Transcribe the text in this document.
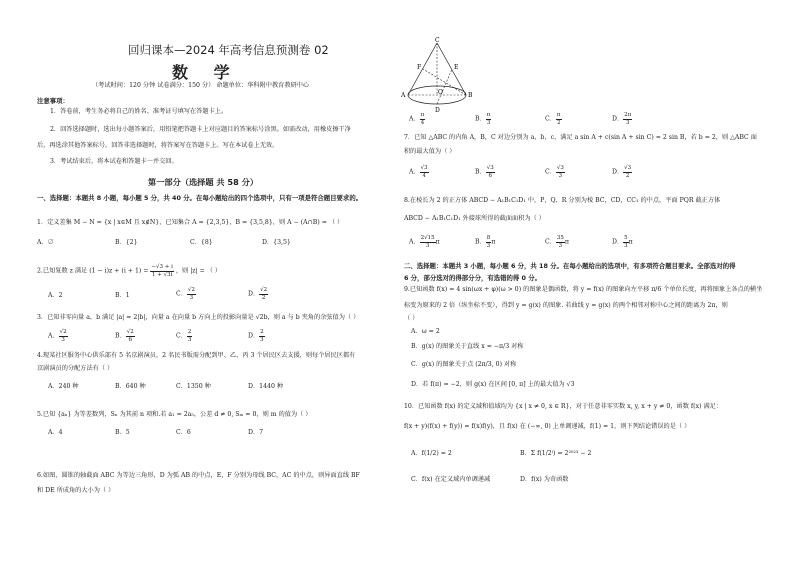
回归课本—2024 年高考信息预测卷 02
数 学
（考试时间：120 分钟 试卷满分：150 分） 命题单位：华科附中教育教研中心
注意事项：
1．答卷前，考生务必将自己的姓名、准考证号填写在答题卡上。
2．回答选择题时，选出每小题答案后，用铅笔把答题卡上对应题目的答案标号涂黑。如需改动，用橡皮擦干净
后，再选涂其他答案标号。回答非选择题时，将答案写在答题卡上。写在本试卷上无效。
3．考试结束后，将本试卷和答题卡一并交回。
第一部分（选择题 共 58 分）
一、选择题：本题共 8 小题，每小题 5 分，共 40 分。在每小题给出的四个选项中，只有一项是符合题目要求的。
1．定义差集 M − N = {x | x∈M 且 x∉N}，已知集合 A = {2,3,5}，B = {3,5,8}，则 A − (A∩B) = （ ）
A．∅	B．{2}	C．{8}	D．{3,5}
2.已知复数 z 满足 $(1 - i)z + (i + 1) = \frac{-√3 + i}{1 + √3i}$ ，则 |z| = （ ）
A．2	B．1	C． $\frac{√2}{3}$	D． $\frac{√2}{2}$
3．已知非零向量 a，b 满足 |a| = 2|b|，向量 a 在向量 b 方向上的投影向量是 √2b，则 a 与 b 夹角的余弦值为（ ）
A． $\frac{√2}{3}$	B． $\frac{√2}{6}$	C． $\frac{2}{3}$	D． $\frac{2}{3}$
4.现某社区服务中心供乐部有 5 名京剧演员，2 名民书版需分配到甲、乙、丙 3 个居民区去支援，则每个居民区都有
京剧演员的分配方法有（ ）
A．240 种	B．640 种	C．1350 种	D．1440 种
5.已知 {aₙ} 为等差数列，Sₙ 为其前 n 项和.若 a₁ = 2a₅，公差 d ≠ 0, Sₘ = 0，则 m 的值为（ ）
A．4	B．5	C．6	D．7
6.如图，圆锥的轴截面 ABC 为等边三角形，D 为弧 AB 的中点，E，F 分别为母线 BC，AC 的中点，则异面直线 BF
和 DE 所成角的大小为（ ）
C
F	E
A	O	B
D
A． $\frac{\pi}{4}$	B． $\frac{\pi}{3}$	C． $\frac{\pi}{2}$	D． $\frac{2\pi}{3}$
7．已知 △ABC 的内角 A，B，C 对边分别为 a，b，c，满足 a sin A + c(sin A + sin C) = 2 sin B，若 b = 2，则 △ABC 面
积的最大值为（ ）
A． $\frac{√3}{4}$	B． $\frac{√3}{6}$	C． $\frac{√3}{3}$	D． $\frac{√3}{2}$
8.在棱长为 2 的正方体 ABCD − A₁B₁C₁D₁ 中，P，Q，R 分别为棱 BC，CD，CC₁ 的中点，平面 PQR 截正方体
ABCD − A₁B₁C₁D₁ 外接球所得的截面面积为（ ）
A． $\frac{2√15}{3}$ π	B． $\frac{8}{3}$ π	C． $\frac{35}{3}$ π	D． $\frac{5}{3}$ π
二、选择题：本题共 3 小题，每小题 6 分，共 18 分。在每小题给出的选项中，有多项符合题目要求。全部选对的得
6 分，部分选对的得部分分，有选错的得 0 分。
9.已知函数 f(x) = 4 sin(ωx + φ)(ω > 0) 的图象是偶函数，将 y = f(x) 的图象向左平移 π/6 个单位长度，再将图象上各点的横坐
标变为原来的 2 倍（纵坐标不变），得到 y = g(x) 的图象. 若曲线 y = g(x) 的两个相邻对称中心之间的距离为 2π，则
（ ）
A．ω = 2
B．g(x) 的图象关于直线 x = −π/3 对称
C．g(x) 的图象关于点 (2π/3, 0) 对称
D．若 f(π) = −2，则 g(x) 在区间 [0, π] 上的最大值为 √3
10．已知函数 f(x) 的定义域和值域均为 {x | x ≠ 0, x ∈ R}，对于任意非零实数 x, y, x + y ≠ 0，函数 f(x) 满足：
f(x + y)(f(x) + f(y)) = f(x)f(y)，且 f(x) 在 (−∞, 0) 上单调递减，f(1) = 1，则下列结论错误的是（ ）
A．f(1/2) = 2	B．Σ f(1/2ⁱ) = 2²⁰²³ − 2
C．f(x) 在定义域内单调递减	D．f(x) 为奇函数
